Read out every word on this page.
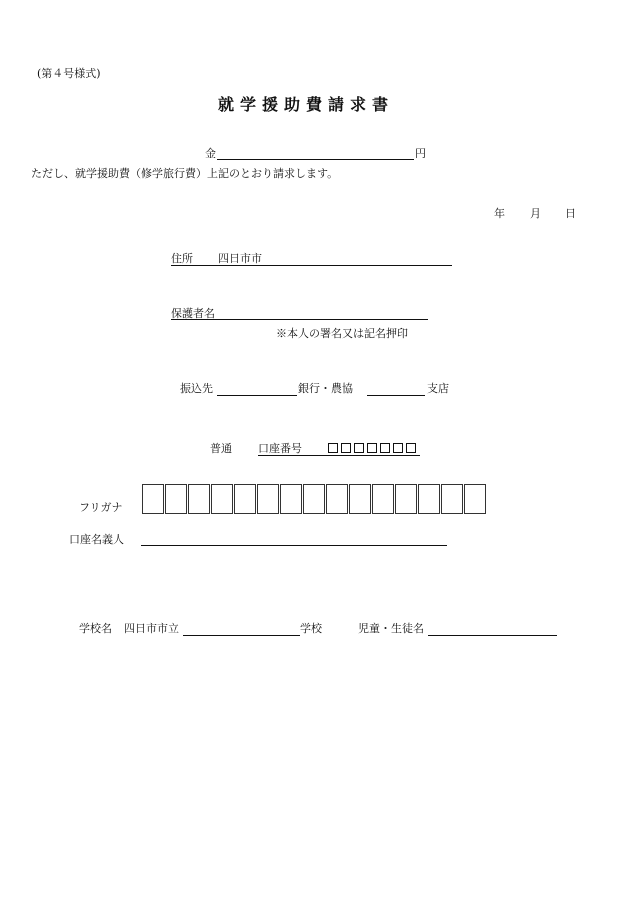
(第４号様式)
就学援助費請求書
金	円
ただし、就学援助費（修学旅行費）上記のとおり請求します。
年 月 日
住所 四日市市
保護者名
※本人の署名又は記名押印
振込先	銀行・農協	支店
普通 口座番号
フリガナ
口座名義人
学校名 四日市市立	学校	児童・生徒名
